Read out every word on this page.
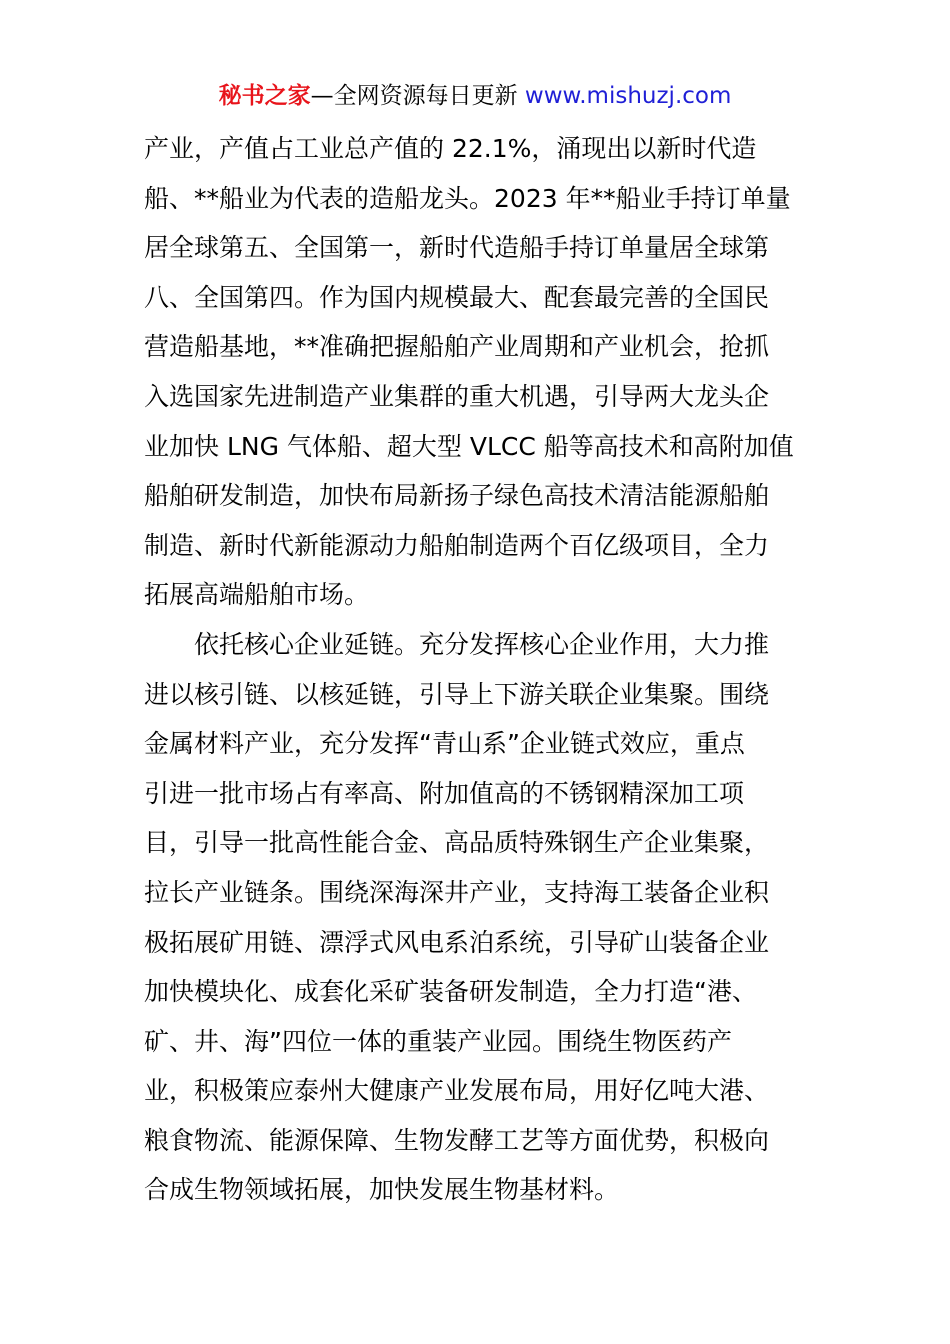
秘书之家—全网资源每日更新 www.mishuzj.com
产业，产值占工业总产值的 22.1%，涌现出以新时代造
船、**船业为代表的造船龙头。2023 年**船业手持订单量
居全球第五、全国第一，新时代造船手持订单量居全球第
八、全国第四。作为国内规模最大、配套最完善的全国民
营造船基地，**准确把握船舶产业周期和产业机会，抢抓
入选国家先进制造产业集群的重大机遇，引导两大龙头企
业加快 LNG 气体船、超大型 VLCC 船等高技术和高附加值
船舶研发制造，加快布局新扬子绿色高技术清洁能源船舶
制造、新时代新能源动力船舶制造两个百亿级项目，全力
拓展高端船舶市场。
依托核心企业延链。充分发挥核心企业作用，大力推
进以核引链、以核延链，引导上下游关联企业集聚。围绕
金属材料产业，充分发挥“青山系”企业链式效应，重点
引进一批市场占有率高、附加值高的不锈钢精深加工项
目，引导一批高性能合金、高品质特殊钢生产企业集聚，
拉长产业链条。围绕深海深井产业，支持海工装备企业积
极拓展矿用链、漂浮式风电系泊系统，引导矿山装备企业
加快模块化、成套化采矿装备研发制造，全力打造“港、
矿、井、海”四位一体的重装产业园。围绕生物医药产
业，积极策应泰州大健康产业发展布局，用好亿吨大港、
粮食物流、能源保障、生物发酵工艺等方面优势，积极向
合成生物领域拓展，加快发展生物基材料。
